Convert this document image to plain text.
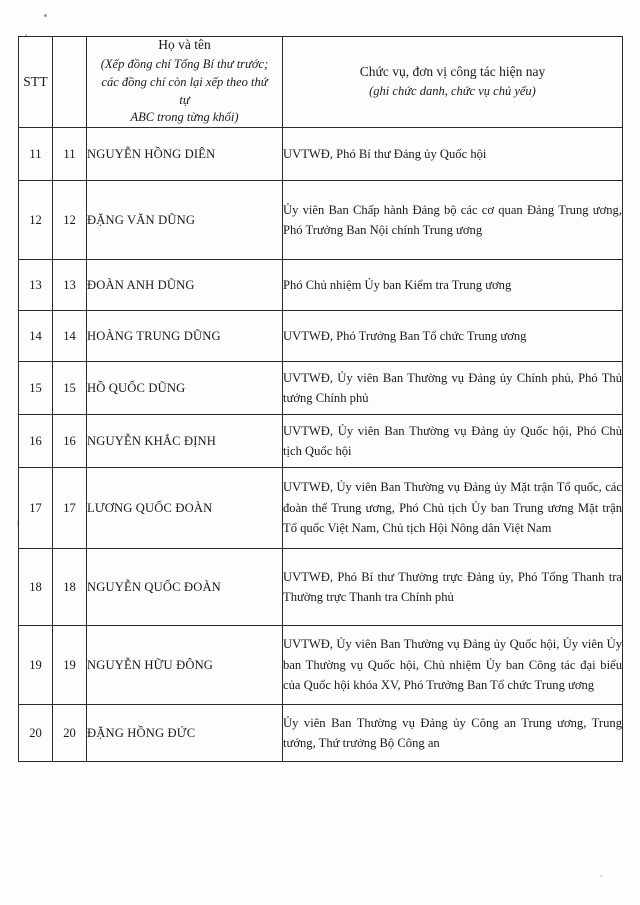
STT		Họ và tên
(Xếp đồng chí Tổng Bí thư trước;
các đồng chí còn lại xếp theo thứ tự
ABC trong từng khối)	Chức vụ, đơn vị công tác hiện nay
(ghi chức danh, chức vụ chủ yếu)

11	11	NGUYỄN HỒNG DIÊN	UVTWĐ, Phó Bí thư Đảng ủy Quốc hội
12	12	ĐẶNG VĂN DŨNG	Ủy viên Ban Chấp hành Đảng bộ các cơ quan Đảng Trung ương, Phó Trưởng Ban Nội chính Trung ương
13	13	ĐOÀN ANH DŨNG	Phó Chủ nhiệm Ủy ban Kiểm tra Trung ương
14	14	HOÀNG TRUNG DŨNG	UVTWĐ, Phó Trưởng Ban Tổ chức Trung ương
15	15	HỒ QUỐC DŨNG	UVTWĐ, Ủy viên Ban Thường vụ Đảng ủy Chính phủ, Phó Thủ tướng Chính phủ
16	16	NGUYỄN KHẮC ĐỊNH	UVTWĐ, Ủy viên Ban Thường vụ Đảng ủy Quốc hội, Phó Chủ tịch Quốc hội
17	17	LƯƠNG QUỐC ĐOÀN	UVTWĐ, Ủy viên Ban Thường vụ Đảng ủy Mặt trận Tổ quốc, các đoàn thể Trung ương, Phó Chủ tịch Ủy ban Trung ương Mặt trận Tổ quốc Việt Nam, Chủ tịch Hội Nông dân Việt Nam
18	18	NGUYỄN QUỐC ĐOÀN	UVTWĐ, Phó Bí thư Thường trực Đảng ủy, Phó Tổng Thanh tra Thường trực Thanh tra Chính phủ
19	19	NGUYỄN HỮU ĐÔNG	UVTWĐ, Ủy viên Ban Thường vụ Đảng ủy Quốc hội, Ủy viên Ủy ban Thường vụ Quốc hội, Chủ nhiệm Ủy ban Công tác đại biểu của Quốc hội khóa XV, Phó Trưởng Ban Tổ chức Trung ương
20	20	ĐẶNG HỒNG ĐỨC	Ủy viên Ban Thường vụ Đảng ủy Công an Trung ương, Trung tướng, Thứ trưởng Bộ Công an
